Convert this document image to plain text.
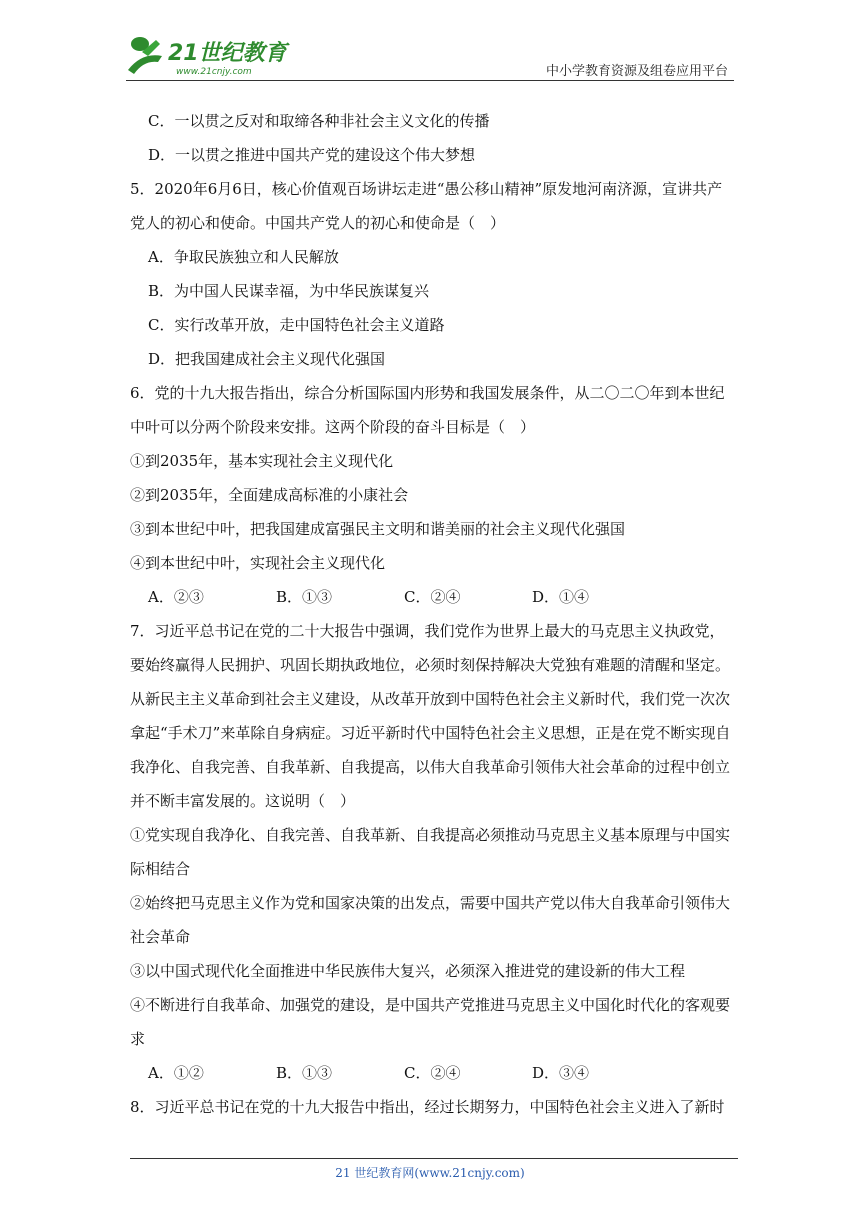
21世纪教育
www.21cnjy.com	中小学教育资源及组卷应用平台
C．一以贯之反对和取缔各种非社会主义文化的传播
D．一以贯之推进中国共产党的建设这个伟大梦想
5．2020年6月6日，核心价值观百场讲坛走进“愚公移山精神”原发地河南济源，宣讲共产
党人的初心和使命。中国共产党人的初心和使命是（　）
A．争取民族独立和人民解放
B．为中国人民谋幸福，为中华民族谋复兴
C．实行改革开放，走中国特色社会主义道路
D．把我国建成社会主义现代化强国
6．党的十九大报告指出，综合分析国际国内形势和我国发展条件，从二〇二〇年到本世纪
中叶可以分两个阶段来安排。这两个阶段的奋斗目标是（　）
①到2035年，基本实现社会主义现代化
②到2035年，全面建成高标准的小康社会
③到本世纪中叶，把我国建成富强民主文明和谐美丽的社会主义现代化强国
④到本世纪中叶，实现社会主义现代化
A．②③	B．①③	C．②④	D．①④
7．习近平总书记在党的二十大报告中强调，我们党作为世界上最大的马克思主义执政党，
要始终赢得人民拥护、巩固长期执政地位，必须时刻保持解决大党独有难题的清醒和坚定。
从新民主主义革命到社会主义建设，从改革开放到中国特色社会主义新时代，我们党一次次
拿起“手术刀”来革除自身病症。习近平新时代中国特色社会主义思想，正是在党不断实现自
我净化、自我完善、自我革新、自我提高，以伟大自我革命引领伟大社会革命的过程中创立
并不断丰富发展的。这说明（　）
①党实现自我净化、自我完善、自我革新、自我提高必须推动马克思主义基本原理与中国实
际相结合
②始终把马克思主义作为党和国家决策的出发点，需要中国共产党以伟大自我革命引领伟大
社会革命
③以中国式现代化全面推进中华民族伟大复兴，必须深入推进党的建设新的伟大工程
④不断进行自我革命、加强党的建设，是中国共产党推进马克思主义中国化时代化的客观要
求
A．①②	B．①③	C．②④	D．③④
8．习近平总书记在党的十九大报告中指出，经过长期努力，中国特色社会主义进入了新时
21 世纪教育网(www.21cnjy.com)
